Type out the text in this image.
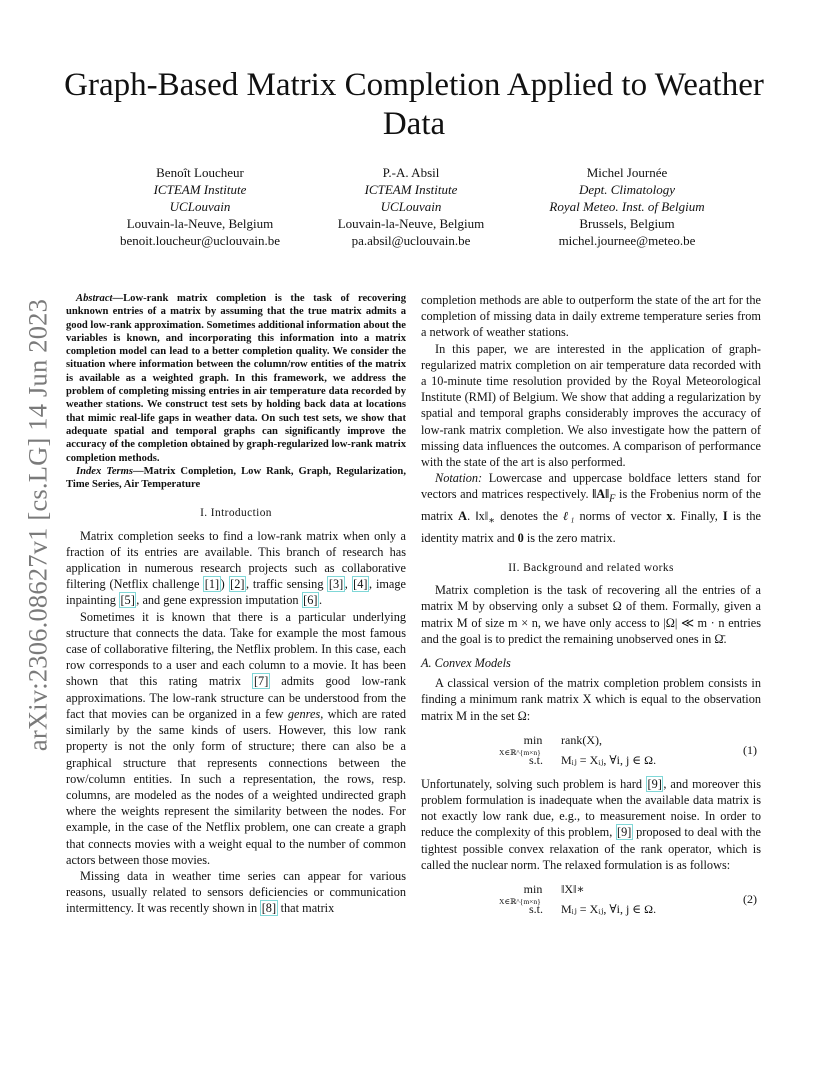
arXiv:2306.08627v1 [cs.LG] 14 Jun 2023
Graph-Based Matrix Completion Applied to Weather Data
Benoît Loucheur
ICTEAM Institute
UCLouvain
Louvain-la-Neuve, Belgium
benoit.loucheur@uclouvain.be
P.-A. Absil
ICTEAM Institute
UCLouvain
Louvain-la-Neuve, Belgium
pa.absil@uclouvain.be
Michel Journée
Dept. Climatology
Royal Meteo. Inst. of Belgium
Brussels, Belgium
michel.journee@meteo.be

Abstract—Low-rank matrix completion is the task of recovering unknown entries of a matrix by assuming that the true matrix admits a good low-rank approximation. Sometimes additional information about the variables is known, and incorporating this information into a matrix completion model can lead to a better completion quality. We consider the situation where information between the column/row entities of the matrix is available as a weighted graph. In this framework, we address the problem of completing missing entries in air temperature data recorded by weather stations. We construct test sets by holding back data at locations that mimic real-life gaps in weather data. On such test sets, we show that adequate spatial and temporal graphs can significantly improve the accuracy of the completion obtained by graph-regularized low-rank matrix completion methods.

Index Terms—Matrix Completion, Low Rank, Graph, Regularization, Time Series, Air Temperature

I. Introduction

Matrix completion seeks to find a low-rank matrix when only a fraction of its entries are available. This branch of research has application in numerous research projects such as collaborative filtering (Netflix challenge [1] ) [2] , traffic sensing [3] , [4] , image inpainting [5] , and gene expression imputation [6] .

Sometimes it is known that there is a particular underlying structure that connects the data. Take for example the most famous case of collaborative filtering, the Netflix problem. In this case, each row corresponds to a user and each column to a movie. It has been shown that this rating matrix [7] admits good low-rank approximations. The low-rank structure can be understood from the fact that movies can be organized in a few genres, which are rated similarly by the same kinds of users. However, this low rank property is not the only form of structure; there can also be a graphical structure that represents connections between the row/column entities. In such a representation, the rows, resp. columns, are modeled as the nodes of a weighted undirected graph where the weights represent the similarity between the nodes. For example, in the case of the Netflix problem, one can create a graph that connects movies with a weight equal to the number of common actors between those movies.

Missing data in weather time series can appear for various reasons, usually related to sensors deficiencies or communication intermittency. It was recently shown in [8] that matrix

completion methods are able to outperform the state of the art for the completion of missing data in daily extreme temperature series from a network of weather stations.

In this paper, we are interested in the application of graph-regularized matrix completion on air temperature data recorded with a 10-minute time resolution provided by the Royal Meteorological Institute (RMI) of Belgium. We show that adding a regularization by spatial and temporal graphs considerably improves the accuracy of low-rank matrix completion. We also investigate how the pattern of missing data influences the outcomes. A comparison of performance with the state of the art is also performed.

Notation: Lowercase and uppercase boldface letters stand for vectors and matrices respectively. $‖A‖_F$ is the Frobenius norm of the matrix A. $‖x‖_∗$ denotes the ℓ₁ norms of vector x. Finally, I is the identity matrix and 0 is the zero matrix.

II. Background and related works

Matrix completion is the task of recovering all the entries of a matrix M by observing only a subset Ω of them. Formally, given a matrix M of size m × n, we have only access to |Ω| ≪ m · n entries and the goal is to predict the remaining unobserved ones in Ω̄.

A. Convex Models

A classical version of the matrix completion problem consists in finding a minimum rank matrix X which is equal to the observation matrix M in the set Ω:

min
X∈ℝ^{m×n}
rank(X),
s.t. Mᵢⱼ = Xᵢⱼ, ∀i, j ∈ Ω.
(1)

Unfortunately, solving such problem is hard [9] , and moreover this problem formulation is inadequate when the available data matrix is not exactly low rank due, e.g., to measurement noise. In order to reduce the complexity of this problem, [9] proposed to deal with the tightest possible convex relaxation of the rank operator, which is called the nuclear norm. The relaxed formulation is as follows:

min
X∈ℝ^{m×n}
‖X‖∗
s.t. Mᵢⱼ = Xᵢⱼ, ∀i, j ∈ Ω.
(2)
